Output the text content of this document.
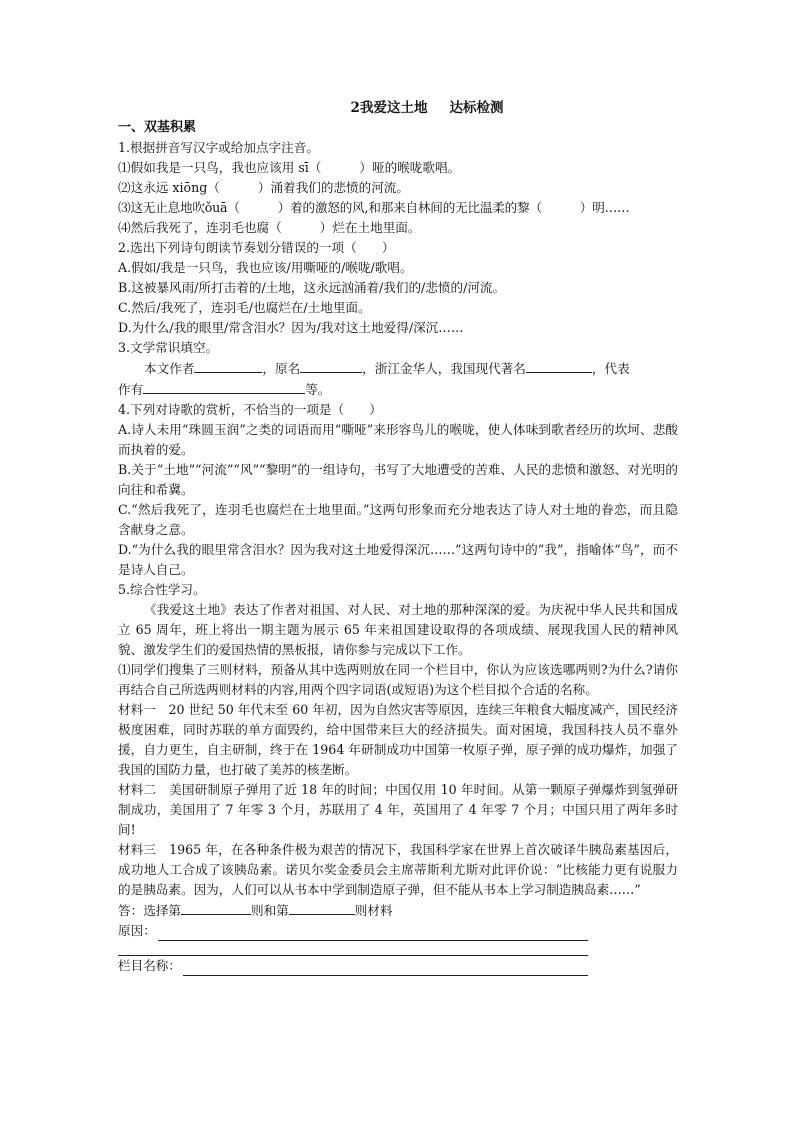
2我爱这土地 达标检测
一、双基积累
1.根据拼音写汉字或给加点字注音。
⑴假如我是一只鸟，我也应该用 sī（	）哑的喉咙歌唱。
⑵这永远 xiōng（	）涌着我们的悲愤的河流。
⑶这无止息地吹ǒuā（	）着的激怒的风,和那来自林间的无比温柔的黎（	）明……
⑷然后我死了，连羽毛也腐（	）烂在土地里面。
2.选出下列诗句朗读节奏划分错误的一项（　　）
A.假如/我是一只鸟，我也应该/用嘶哑的/喉咙/歌唱。
B.这被暴风雨/所打击着的/土地，这永远汹涌着/我们的/悲愤的/河流。
C.然后/我死了，连羽毛/也腐烂在/土地里面。
D.为什么/我的眼里/常含泪水？因为/我对这土地爱得/深沉……
3.文学常识填空。
本文作者	，原名	，浙江金华人，我国现代著名	，代表
作有	等。
4.下列对诗歌的赏析，不恰当的一项是（　　）
A.诗人未用“珠圆玉润”之类的词语而用“嘶哑”来形容鸟儿的喉咙，使人体味到歌者经历的坎坷、悲酸而执着的爱。
B.关于“土地”“河流”“风”“黎明”的一组诗句，书写了大地遭受的苦难、人民的悲愤和激怒、对光明的向往和希冀。
C.“然后我死了，连羽毛也腐烂在土地里面。”这两句形象而充分地表达了诗人对土地的眷恋，而且隐含献身之意。
D.“为什么我的眼里常含泪水？因为我对这土地爱得深沉……”这两句诗中的“我”，指喻体“鸟”，而不是诗人自己。
5.综合性学习。
《我爱这土地》表达了作者对祖国、对人民、对土地的那种深深的爱。为庆祝中华人民共和国成立 65 周年，班上将出一期主题为展示 65 年来祖国建设取得的各项成绩、展现我国人民的精神风貌、激发学生们的爱国热情的黑板报，请你参与完成以下工作。
⑴同学们搜集了三则材料，预备从其中选两则放在同一个栏目中，你认为应该选哪两则?为什么?请你再结合自己所选两则材料的内容,用两个四字词语(或短语)为这个栏目拟个合适的名称。
材料一　20 世纪 50 年代末至 60 年初，因为自然灾害等原因，连续三年粮食大幅度减产，国民经济极度困难，同时苏联的单方面毁约，给中国带来巨大的经济损失。面对困境，我国科技人员不靠外援，自力更生，自主研制，终于在 1964 年研制成功中国第一枚原子弹，原子弹的成功爆炸，加强了我国的国防力量，也打破了美苏的核垄断。
材料二　美国研制原子弹用了近 18 年的时间；中国仅用 10 年时间。从第一颗原子弹爆炸到氢弹研制成功，美国用了 7 年零 3 个月，苏联用了 4 年，英国用了 4 年零 7 个月；中国只用了两年多时间!
材料三　1965 年，在各种条件极为艰苦的情况下，我国科学家在世界上首次破译牛胰岛素基因后，成功地人工合成了该胰岛素。诺贝尔奖金委员会主席蒂斯利尤斯对此评价说：“比核能力更有说服力的是胰岛素。因为，人们可以从书本中学到制造原子弹，但不能从书本上学习制造胰岛素……”
答：选择第	则和第	则材料
原因：
栏目名称：
